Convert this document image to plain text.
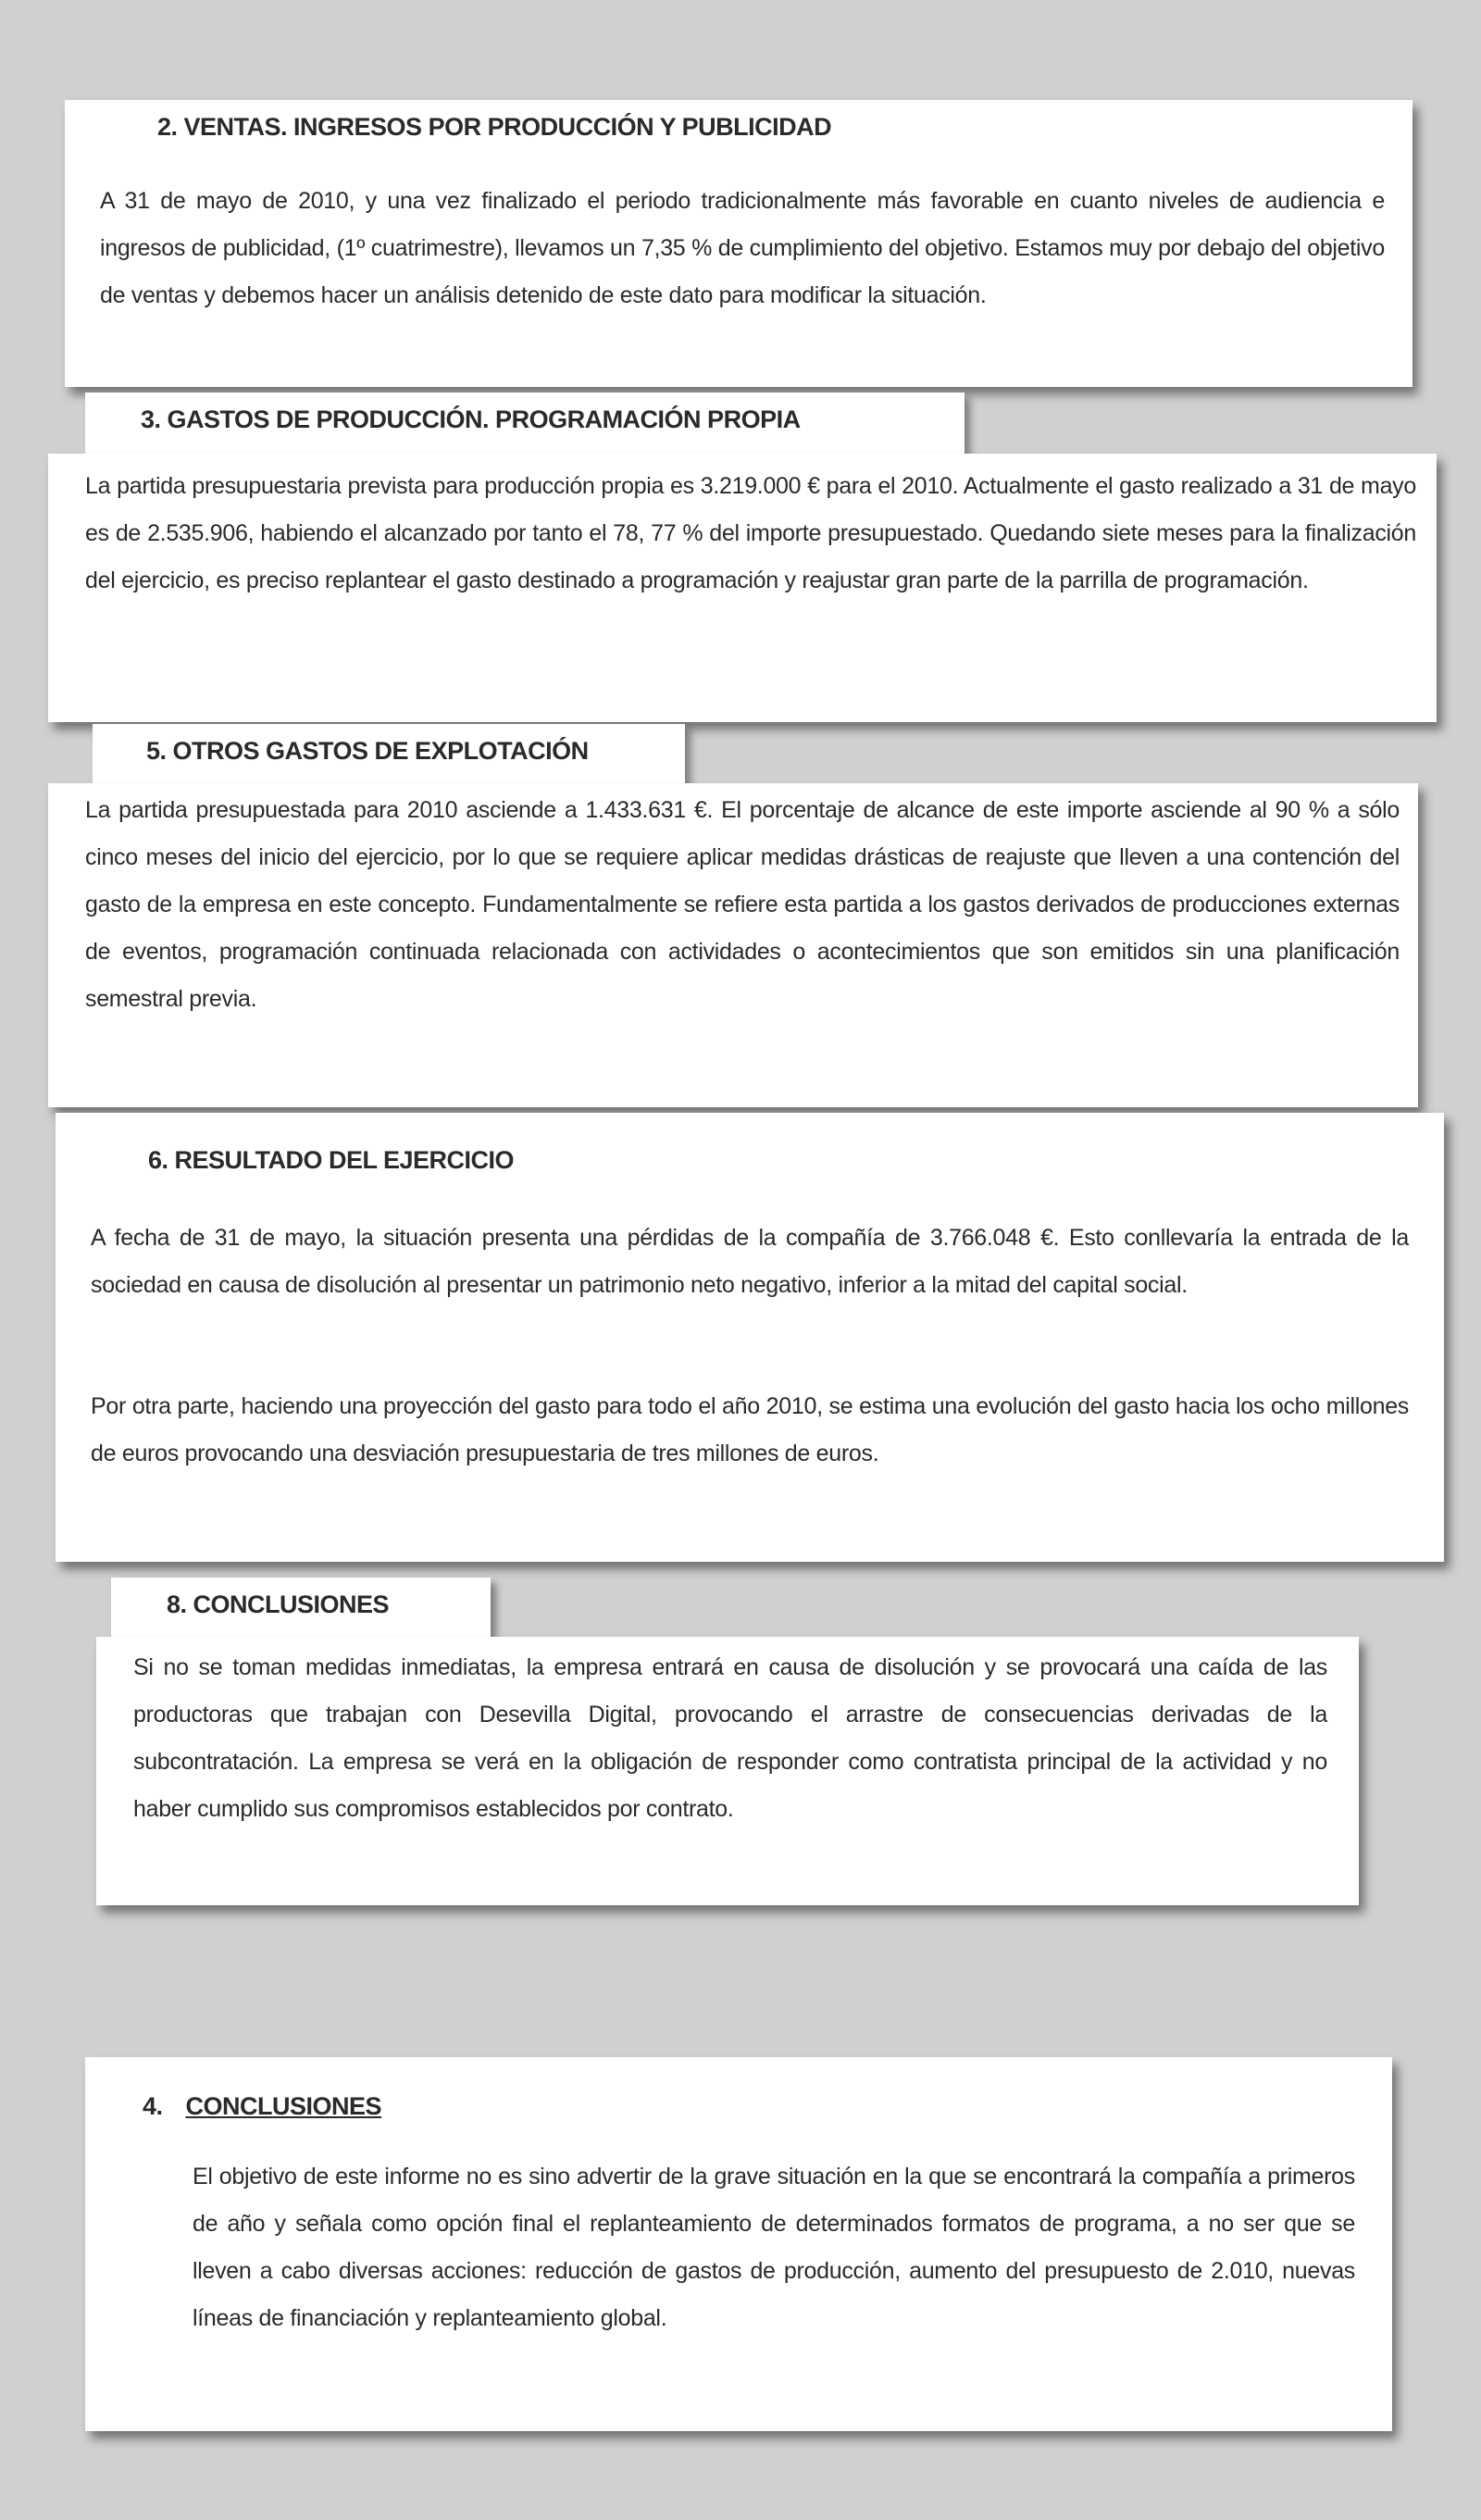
2. VENTAS. INGRESOS POR PRODUCCIÓN Y PUBLICIDAD

A 31 de mayo de 2010, y una vez finalizado el periodo tradicionalmente más favorable en cuanto niveles de audiencia e ingresos de publicidad, (1º cuatrimestre), llevamos un 7,35 % de cumplimiento del objetivo. Estamos muy por debajo del objetivo de ventas y debemos hacer un análisis detenido de este dato para modificar la situación.

3. GASTOS DE PRODUCCIÓN. PROGRAMACIÓN PROPIA

La partida presupuestaria prevista para producción propia es 3.219.000 € para el 2010. Actualmente el gasto realizado a 31 de mayo es de 2.535.906, habiendo el alcanzado por tanto el 78, 77 % del importe presupuestado. Quedando siete meses para la finalización del ejercicio, es preciso replantear el gasto destinado a programación y reajustar gran parte de la parrilla de programación.

5. OTROS GASTOS DE EXPLOTACIÓN

La partida presupuestada para 2010 asciende a 1.433.631 €. El porcentaje de alcance de este importe asciende al 90 % a sólo cinco meses del inicio del ejercicio, por lo que se requiere aplicar medidas drásticas de reajuste que lleven a una contención del gasto de la empresa en este concepto. Fundamentalmente se refiere esta partida a los gastos derivados de producciones externas de eventos, programación continuada relacionada con actividades o acontecimientos que son emitidos sin una planificación semestral previa.

6. RESULTADO DEL EJERCICIO

A fecha de 31 de mayo, la situación presenta una pérdidas de la compañía de 3.766.048 €. Esto conllevaría la entrada de la sociedad en causa de disolución al presentar un patrimonio neto negativo, inferior a la mitad del capital social.

Por otra parte, haciendo una proyección del gasto para todo el año 2010, se estima una evolución del gasto hacia los ocho millones de euros provocando una desviación presupuestaria de tres millones de euros.

8. CONCLUSIONES

Si no se toman medidas inmediatas, la empresa entrará en causa de disolución y se provocará una caída de las productoras que trabajan con Desevilla Digital, provocando el arrastre de consecuencias derivadas de la subcontratación. La empresa se verá en la obligación de responder como contratista principal de la actividad y no haber cumplido sus compromisos establecidos por contrato.

4. CONCLUSIONES

El objetivo de este informe no es sino advertir de la grave situación en la que se encontrará la compañía a primeros de año y señala como opción final el replanteamiento de determinados formatos de programa, a no ser que se lleven a cabo diversas acciones: reducción de gastos de producción, aumento del presupuesto de 2.010, nuevas líneas de financiación y replanteamiento global.
